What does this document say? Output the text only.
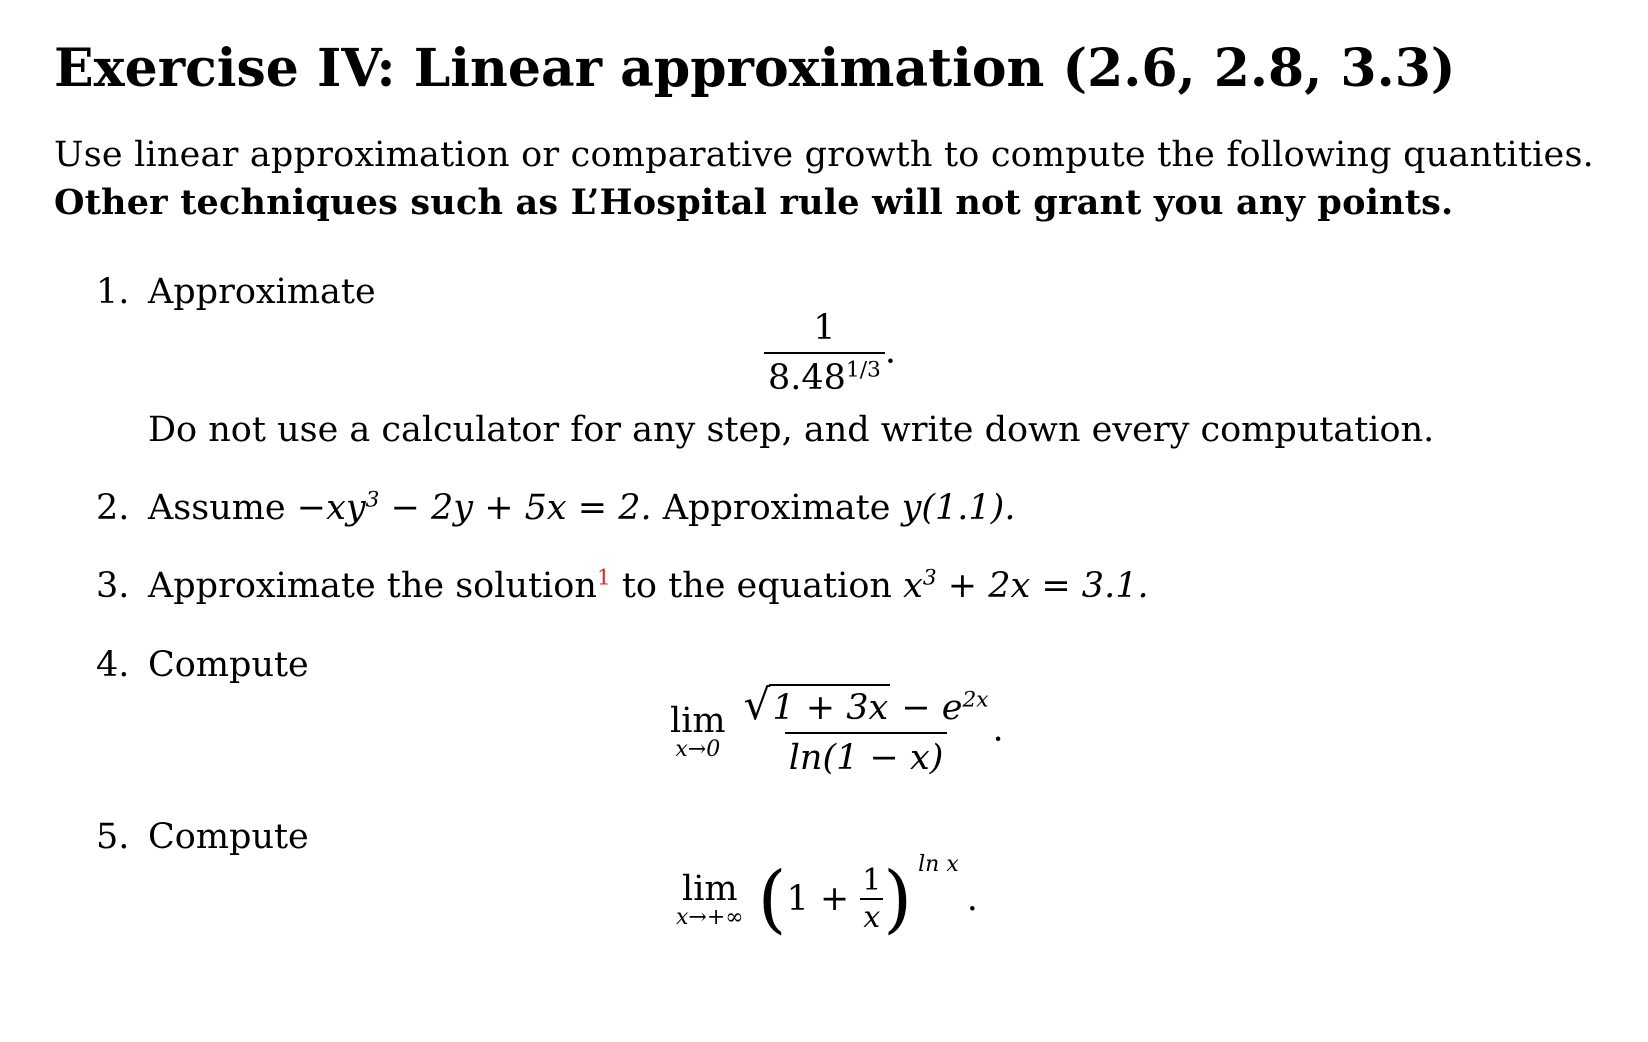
Exercise IV: Linear approximation (2.6, 2.8, 3.3)
Use linear approximation or comparative growth to compute the following quantities.
Other techniques such as L’Hospital rule will not grant you any points.
1. Approximate
$\frac{1}{8.48^{1/3}}$ .
Do not use a calculator for any step, and write down every computation.
2. Assume $-xy^3 - 2y + 5x = 2$. Approximate y(1.1).
3. Approximate the solution$^1$ to the equation $x^3 + 2x = 3.1$.
4. Compute
lim
$x\to 0 \frac{√ 1 + 3x - e^{2x}}{\ln(1 - x)}$ .
5. Compute
lim
x→+∞ ($1 + \frac{1}{x}$ ) $^{ln x}$.
